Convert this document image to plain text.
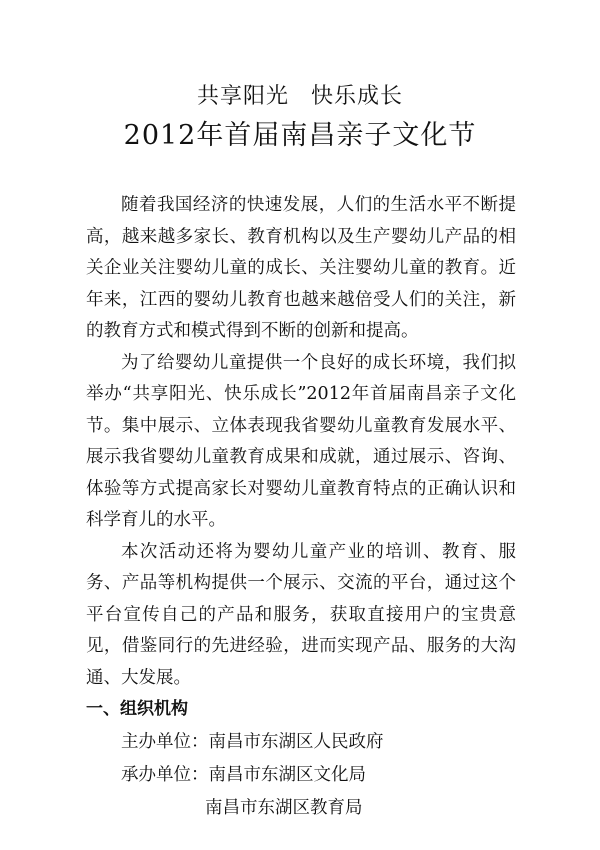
共享阳光 快乐成长
2012年首届南昌亲子文化节

随着我国经济的快速发展，人们的生活水平不断提高，越来越多家长、教育机构以及生产婴幼儿产品的相关企业关注婴幼儿童的成长、关注婴幼儿童的教育。近年来，江西的婴幼儿教育也越来越倍受人们的关注，新的教育方式和模式得到不断的创新和提高。

为了给婴幼儿童提供一个良好的成长环境，我们拟举办“共享阳光、快乐成长”2012年首届南昌亲子文化节。集中展示、立体表现我省婴幼儿童教育发展水平、展示我省婴幼儿童教育成果和成就，通过展示、咨询、体验等方式提高家长对婴幼儿童教育特点的正确认识和科学育儿的水平。

本次活动还将为婴幼儿童产业的培训、教育、服务、产品等机构提供一个展示、交流的平台，通过这个平台宣传自己的产品和服务，获取直接用户的宝贵意见，借鉴同行的先进经验，进而实现产品、服务的大沟通、大发展。

一、组织机构

主办单位：南昌市东湖区人民政府

承办单位：南昌市东湖区文化局

南昌市东湖区教育局
